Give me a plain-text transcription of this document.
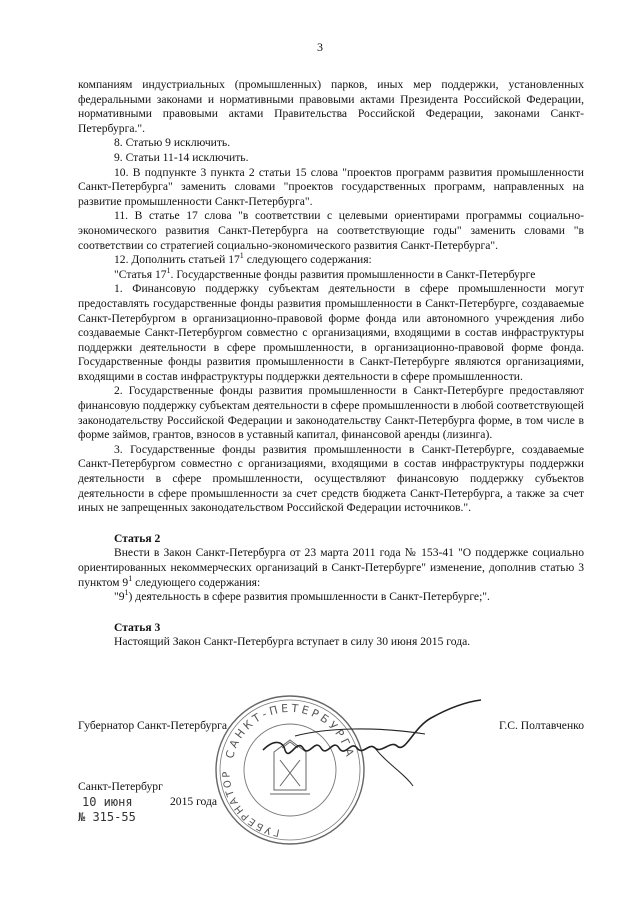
3

компаниям индустриальных (промышленных) парков, иных мер поддержки, установленных федеральными законами и нормативными правовыми актами Президента Российской Федерации, нормативными правовыми актами Правительства Российской Федерации, законами Санкт-Петербурга.".

8. Статью 9 исключить.

9. Статьи 11-14 исключить.

10. В подпункте 3 пункта 2 статьи 15 слова "проектов программ развития промышленности Санкт-Петербурга" заменить словами "проектов государственных программ, направленных на развитие промышленности Санкт-Петербурга".

11. В статье 17 слова "в соответствии с целевыми ориентирами программы социально-экономического развития Санкт-Петербурга на соответствующие годы" заменить словами "в соответствии со стратегией социально-экономического развития Санкт-Петербурга".

12. Дополнить статьей $17^1$ следующего содержания:

"Статья $17^1$. Государственные фонды развития промышленности в Санкт-Петербурге

1. Финансовую поддержку субъектам деятельности в сфере промышленности могут предоставлять государственные фонды развития промышленности в Санкт-Петербурге, создаваемые Санкт-Петербургом в организационно-правовой форме фонда или автономного учреждения либо создаваемые Санкт-Петербургом совместно с организациями, входящими в состав инфраструктуры поддержки деятельности в сфере промышленности, в организационно-правовой форме фонда. Государственные фонды развития промышленности в Санкт-Петербурге являются организациями, входящими в состав инфраструктуры поддержки деятельности в сфере промышленности.

2. Государственные фонды развития промышленности в Санкт-Петербурге предоставляют финансовую поддержку субъектам деятельности в сфере промышленности в любой соответствующей законодательству Российской Федерации и законодательству Санкт-Петербурга форме, в том числе в форме займов, грантов, взносов в уставный капитал, финансовой аренды (лизинга).

3. Государственные фонды развития промышленности в Санкт-Петербурге, создаваемые Санкт-Петербургом совместно с организациями, входящими в состав инфраструктуры поддержки деятельности в сфере промышленности, осуществляют финансовую поддержку субъектов деятельности в сфере промышленности за счет средств бюджета Санкт-Петербурга, а также за счет иных не запрещенных законодательством Российской Федерации источников.".

Статья 2

Внести в Закон Санкт-Петербурга от 23 марта 2011 года № 153-41 "О поддержке социально ориентированных некоммерческих организаций в Санкт-Петербурге" изменение, дополнив статью 3 пунктом $9^1$ следующего содержания:

"$9^1$) деятельность в сфере развития промышленности в Санкт-Петербурге;".

Статья 3

Настоящий Закон Санкт-Петербурга вступает в силу 30 июня 2015 года.

САНКТ-ПЕТЕРБУРГА
ГУБЕРНАТОР
Губернатор Санкт-Петербурга	Г.С. Полтавченко

Санкт-Петербург

10 июня	2015 года

№ 315-55
